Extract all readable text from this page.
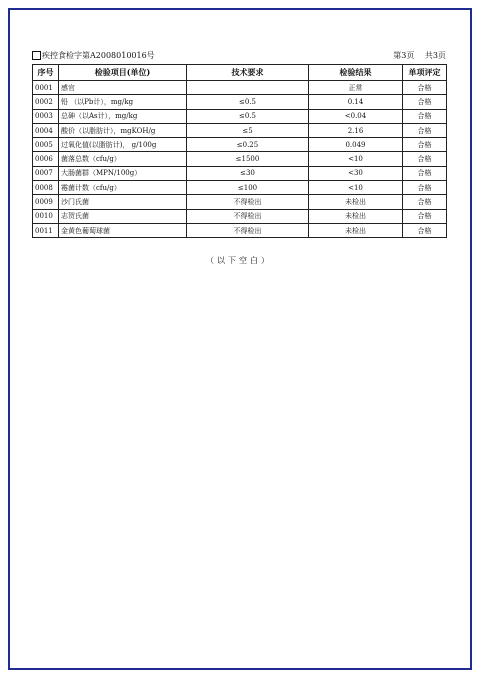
疾控食检字第A2008010016号	第3页 共3页
序号	检验项目(单位)	技术要求	检验结果	单项评定
0001	感官		正常	合格
0002	铅 （以Pb计），mg/kg	≤0.5	0.14	合格
0003	总砷（以As计），mg/kg	≤0.5	<0.04	合格
0004	酸价（以脂肪计），mgKOH/g	≤5	2.16	合格
0005	过氧化值(以脂肪计)， g/100g	≤0.25	0.049	合格
0006	菌落总数（cfu/g）	≤1500	<10	合格
0007	大肠菌群（MPN/100g）	≤30	<30	合格
0008	霉菌计数（cfu/g）	≤100	<10	合格
0009	沙门氏菌	不得检出	未检出	合格
0010	志贺氏菌	不得检出	未检出	合格
0011	金黄色葡萄球菌	不得检出	未检出	合格
（以下空白）
